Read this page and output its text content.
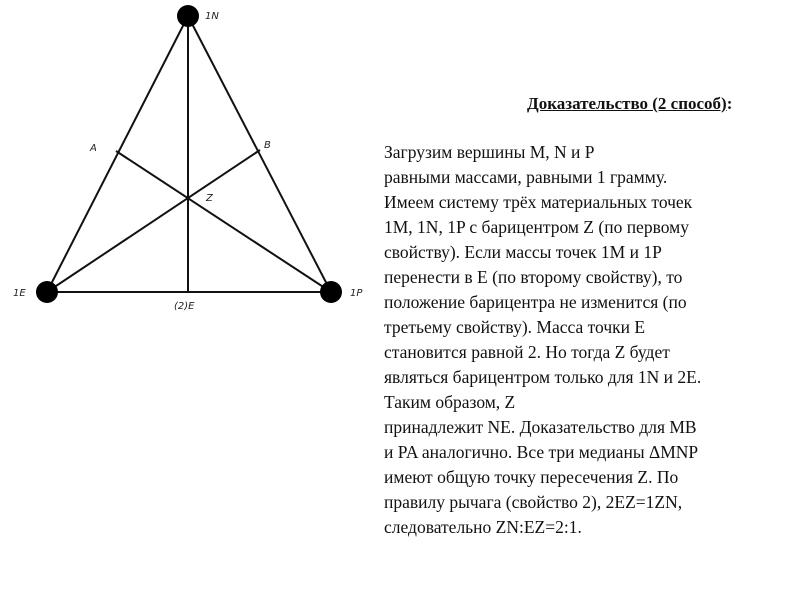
1N
1E	1P
A	B
Z
(2)E
Доказательство (2 способ):
Загрузим вершины M, N и P
равными массами, равными 1 грамму.
Имеем систему трёх материальных точек
1M, 1N, 1P с барицентром Z (по первому
свойству). Если массы точек 1M и 1P
перенести в E (по второму свойству), то
положение барицентра не изменится (по
третьему свойству). Масса точки E
становится равной 2. Но тогда Z будет
являться барицентром только для 1N и 2E.
Таким образом, Z
принадлежит NE. Доказательство для MB
и PA аналогично. Все три медианы ΔMNP
имеют общую точку пересечения Z. По
правилу рычага (свойство 2), 2EZ=1ZN,
следовательно ZN:EZ=2:1.
